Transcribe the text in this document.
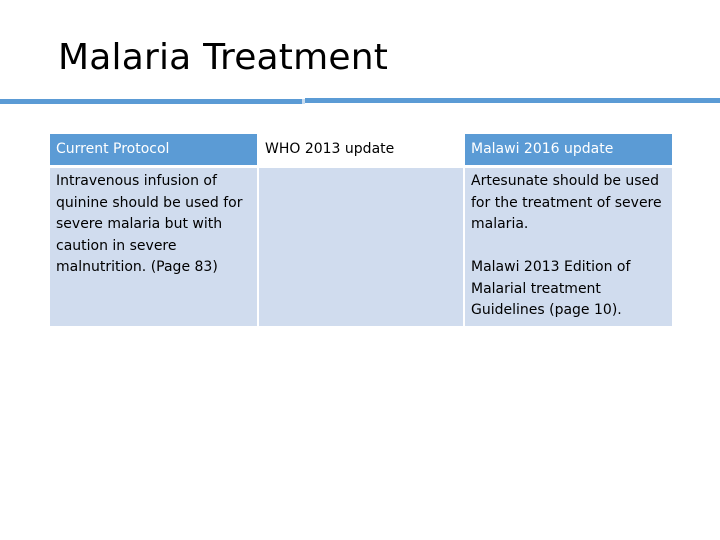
Malaria Treatment
Current Protocol	WHO 2013 update	Malawi 2016 update
Intravenous infusion of quinine should be used for severe malaria but with caution in severe malnutrition. (Page 83)		Artesunate should be used for the treatment of severe malaria.
Malawi 2013 Edition of Malarial treatment Guidelines (page 10).
